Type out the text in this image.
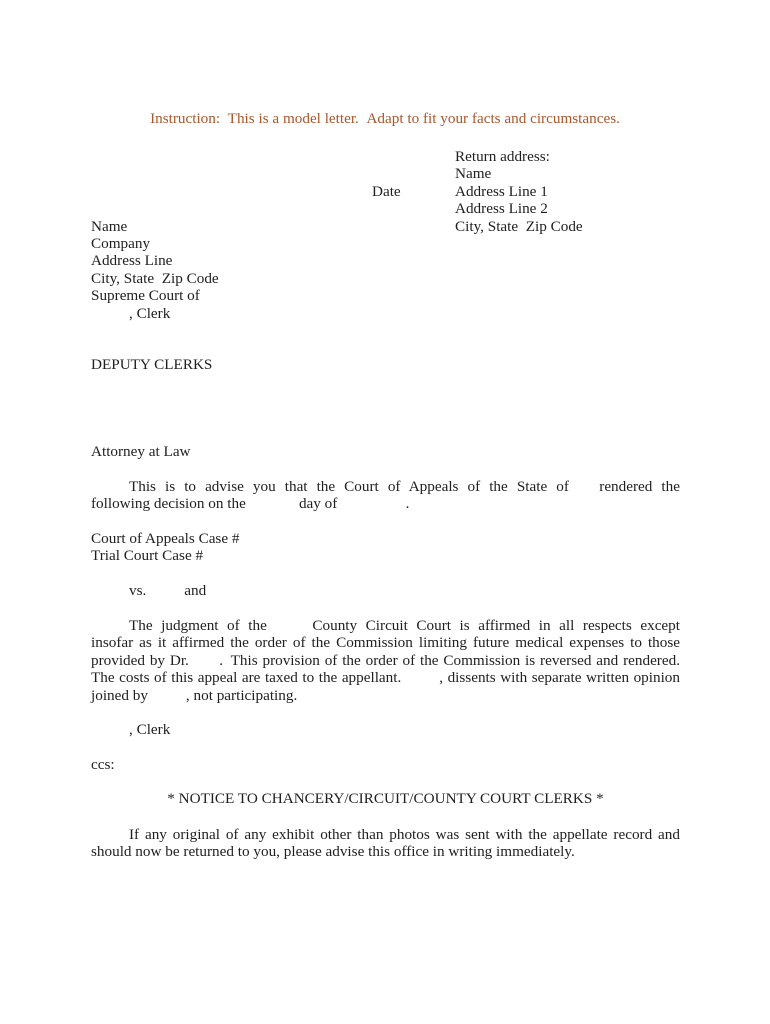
Instruction: This is a model letter. Adapt to fit your facts and circumstances.
Return address:
Name
Date	Address Line 1
Address Line 2
Name	City, State Zip Code
Company
Address Line
City, State Zip Code
Supreme Court of
   , Clerk
DEPUTY CLERKS
Attorney at Law
   This is to advise you that the Court of Appeals of the State of  rendered the
following decision on the    day of     .
Court of Appeals Case #
Trial Court Case #
   vs.   and
   The judgment of the   County Circuit Court is affirmed in all respects except
insofar as it affirmed the order of the Commission limiting future medical expenses to those
provided by Dr.  . This provision of the order of the Commission is reversed and rendered.
The costs of this appeal are taxed to the appellant.   , dissents with separate written opinion
joined by   , not participating.
   , Clerk
ccs:
* NOTICE TO CHANCERY/CIRCUIT/COUNTY COURT CLERKS *
   If any original of any exhibit other than photos was sent with the appellate record and
should now be returned to you, please advise this office in writing immediately.
